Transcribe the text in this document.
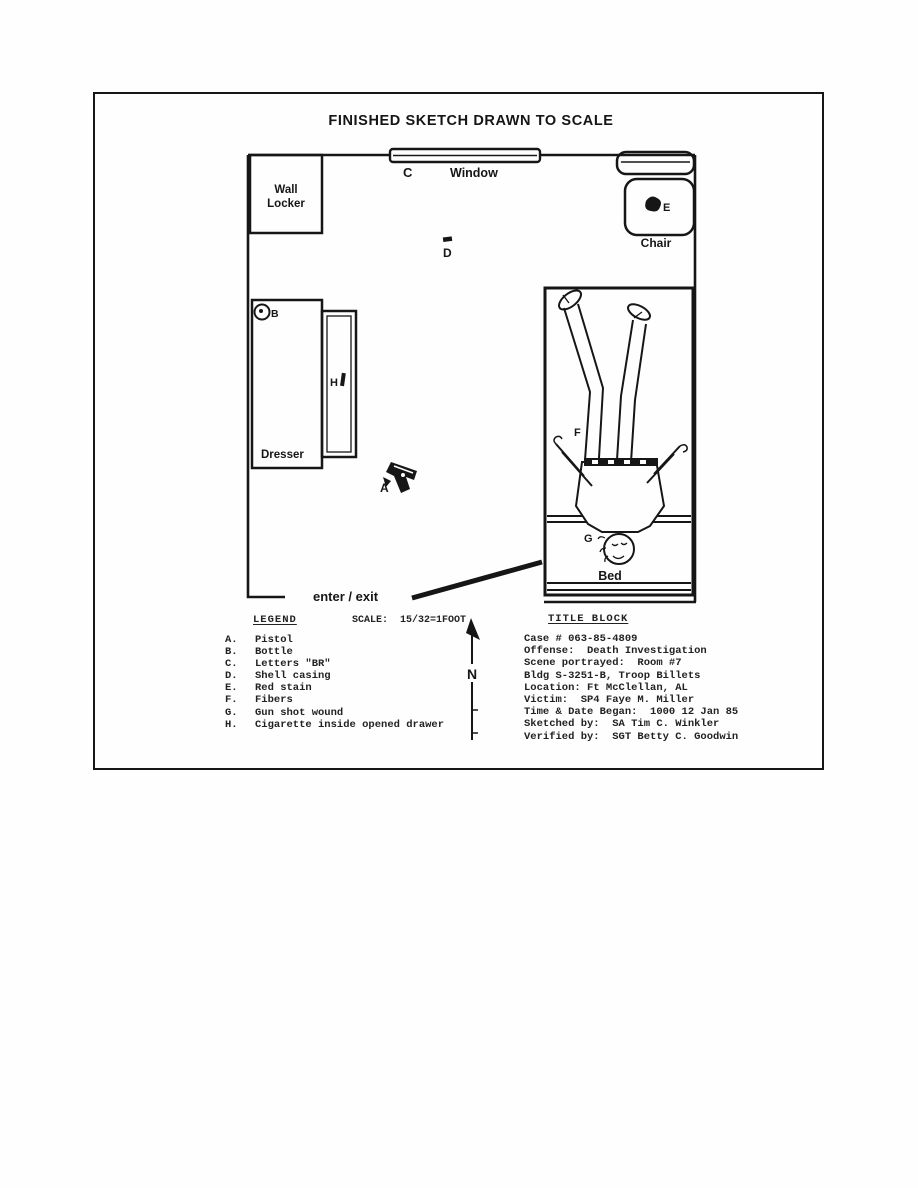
FINISHED SKETCH DRAWN TO SCALE
Wall
Locker
C	Window
E
Chair
D
B
Dresser
H
A
Bed
F
G
enter / exit
LEGEND	SCALE:  15/32=1FOOT
A.	Pistol
B.	Bottle
C.	Letters "BR"
D.	Shell casing
E.	Red stain
F.	Fibers
G.	Gun shot wound
H.	Cigarette inside opened drawer
N
TITLE BLOCK
Case # 063-85-4809
Offense:  Death Investigation
Scene portrayed:  Room #7
Bldg S-3251-B, Troop Billets
Location: Ft McClellan, AL
Victim:  SP4 Faye M. Miller
Time & Date Began:  1000 12 Jan 85
Sketched by:  SA Tim C. Winkler
Verified by:  SGT Betty C. Goodwin
